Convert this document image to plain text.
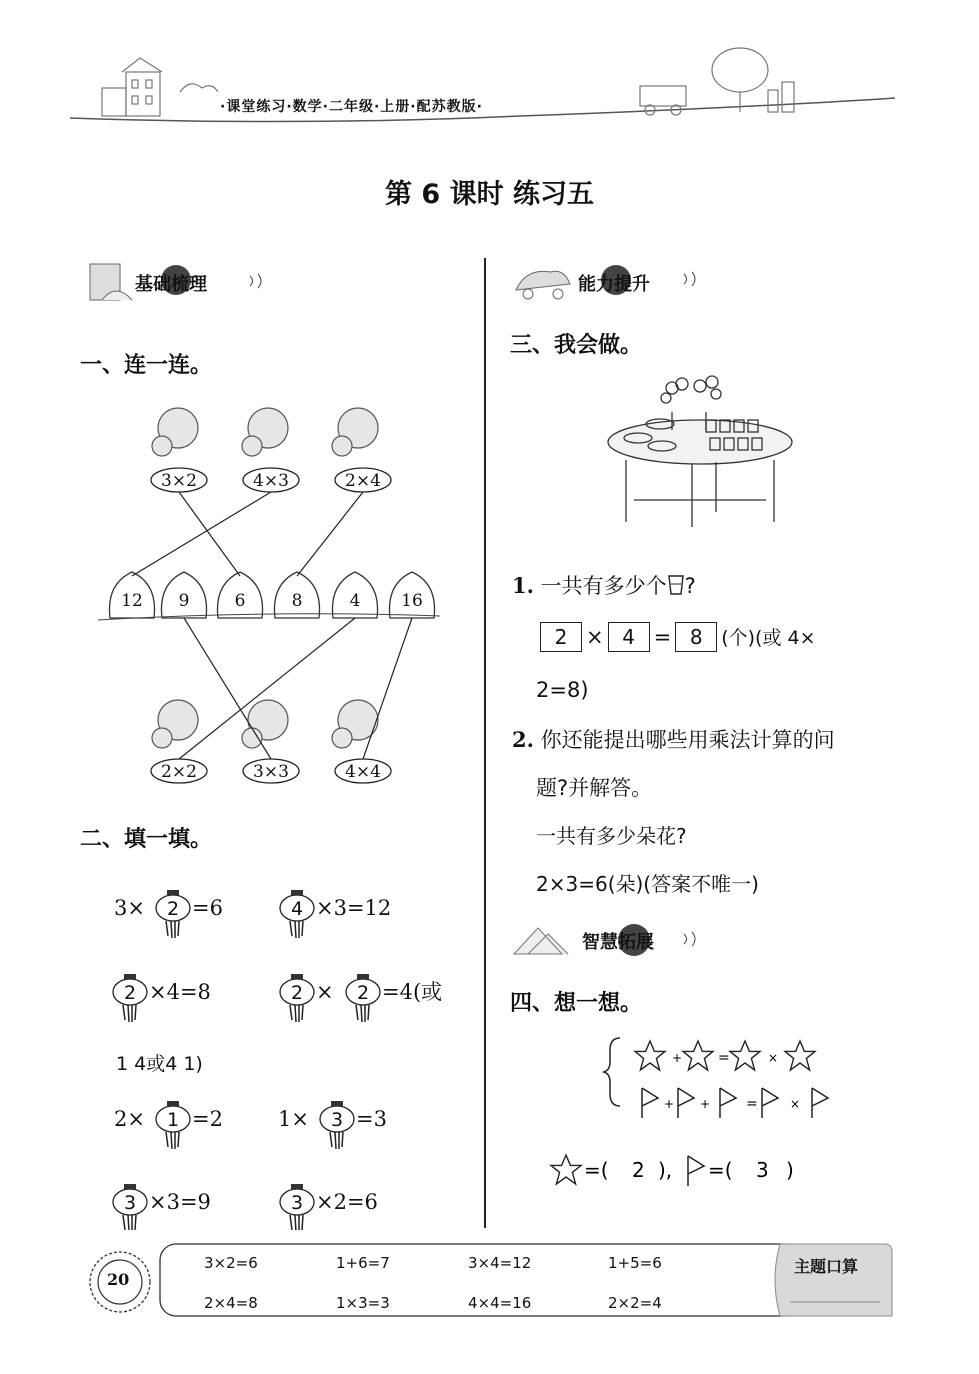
·课堂练习·数学·二年级·上册·配苏教版·
第 6 课时 练习五
基础梳理
一、连一连。
3×2	4×3	2×4
12 9	6	8	4 16
2×2	3×3	4×4
二、填一填。
3× 2 =6	4 ×3=12
2 ×4=8	2 × 2 =4(或
1 4或4 1)
2× 1 =2	1× 3 =3
3 ×3=9	3 ×2=6
能力提升
三、我会做。
1. 一共有多少个 ?
2 × 4 = 8 (个)(或 4×
2=8)
2. 你还能提出哪些用乘法计算的问
题?并解答。
一共有多少朵花?
2×3=6(朵)(答案不唯一)
智慧拓展
四、想一想。
+	=	×
+ +	=	×
=( 2 ), =( 3 )
20
主题口算
3×2=6	1+6=7	3×4=12	1+5=6
2×4=8	1×3=3	4×4=16	2×2=4
